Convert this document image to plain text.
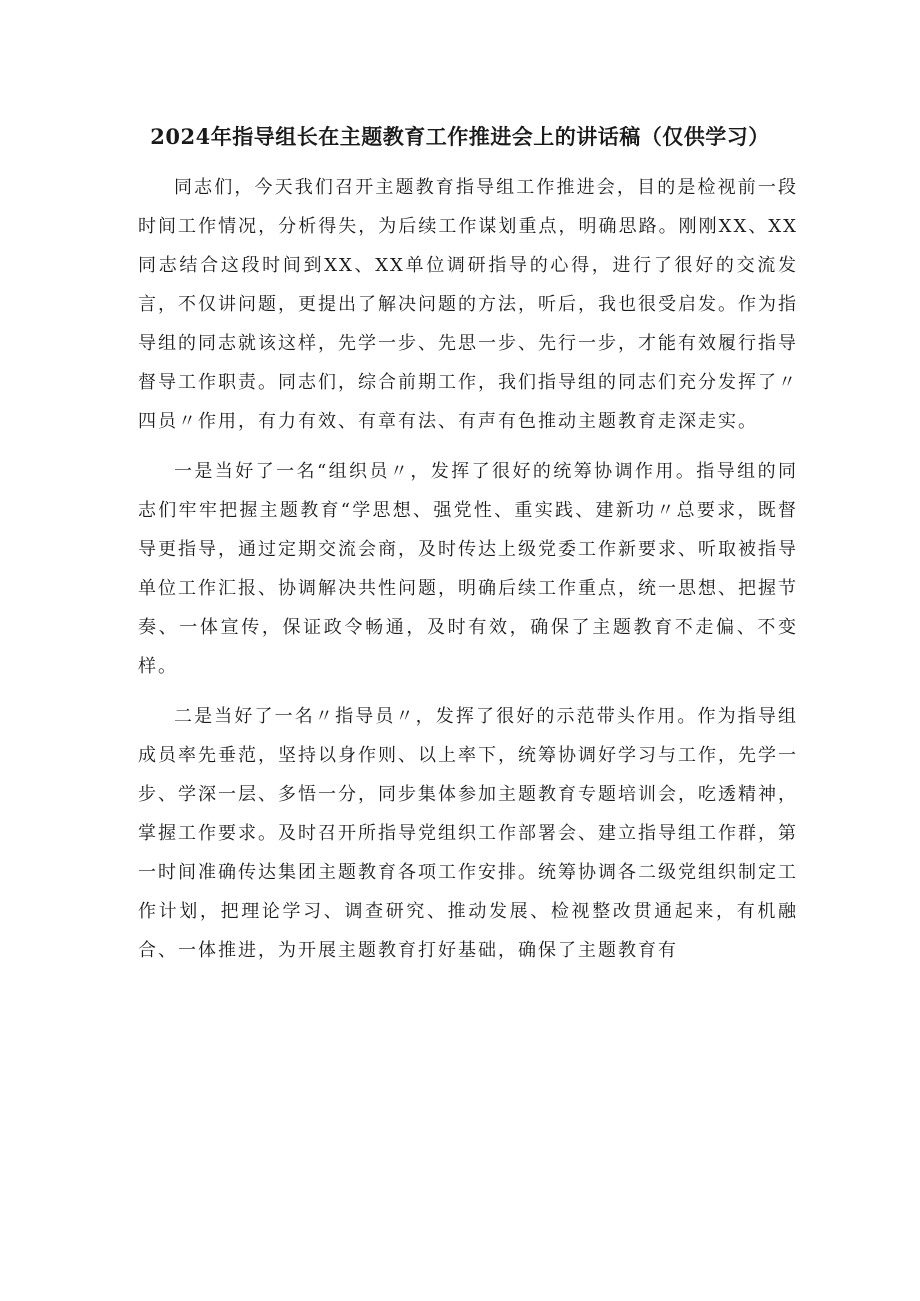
2024年指导组长在主题教育工作推进会上的讲话稿（仅供学习）

同志们，今天我们召开主题教育指导组工作推进会，目的是检视前一段时间工作情况，分析得失，为后续工作谋划重点，明确思路。刚刚XX、XX同志结合这段时间到XX、XX单位调研指导的心得，进行了很好的交流发言，不仅讲问题，更提出了解决问题的方法，听后，我也很受启发。作为指导组的同志就该这样，先学一步、先思一步、先行一步，才能有效履行指导督导工作职责。同志们，综合前期工作，我们指导组的同志们充分发挥了〃四员〃作用，有力有效、有章有法、有声有色推动主题教育走深走实。

一是当好了一名“组织员〃，发挥了很好的统筹协调作用。指导组的同志们牢牢把握主题教育“学思想、强党性、重实践、建新功〃总要求，既督导更指导，通过定期交流会商，及时传达上级党委工作新要求、听取被指导单位工作汇报、协调解决共性问题，明确后续工作重点，统一思想、把握节奏、一体宣传，保证政令畅通，及时有效，确保了主题教育不走偏、不变样。

二是当好了一名〃指导员〃，发挥了很好的示范带头作用。作为指导组成员率先垂范，坚持以身作则、以上率下，统筹协调好学习与工作，先学一步、学深一层、多悟一分，同步集体参加主题教育专题培训会，吃透精神，掌握工作要求。及时召开所指导党组织工作部署会、建立指导组工作群，第一时间准确传达集团主题教育各项工作安排。统筹协调各二级党组织制定工作计划，把理论学习、调查研究、推动发展、检视整改贯通起来，有机融合、一体推进，为开展主题教育打好基础，确保了主题教育有
